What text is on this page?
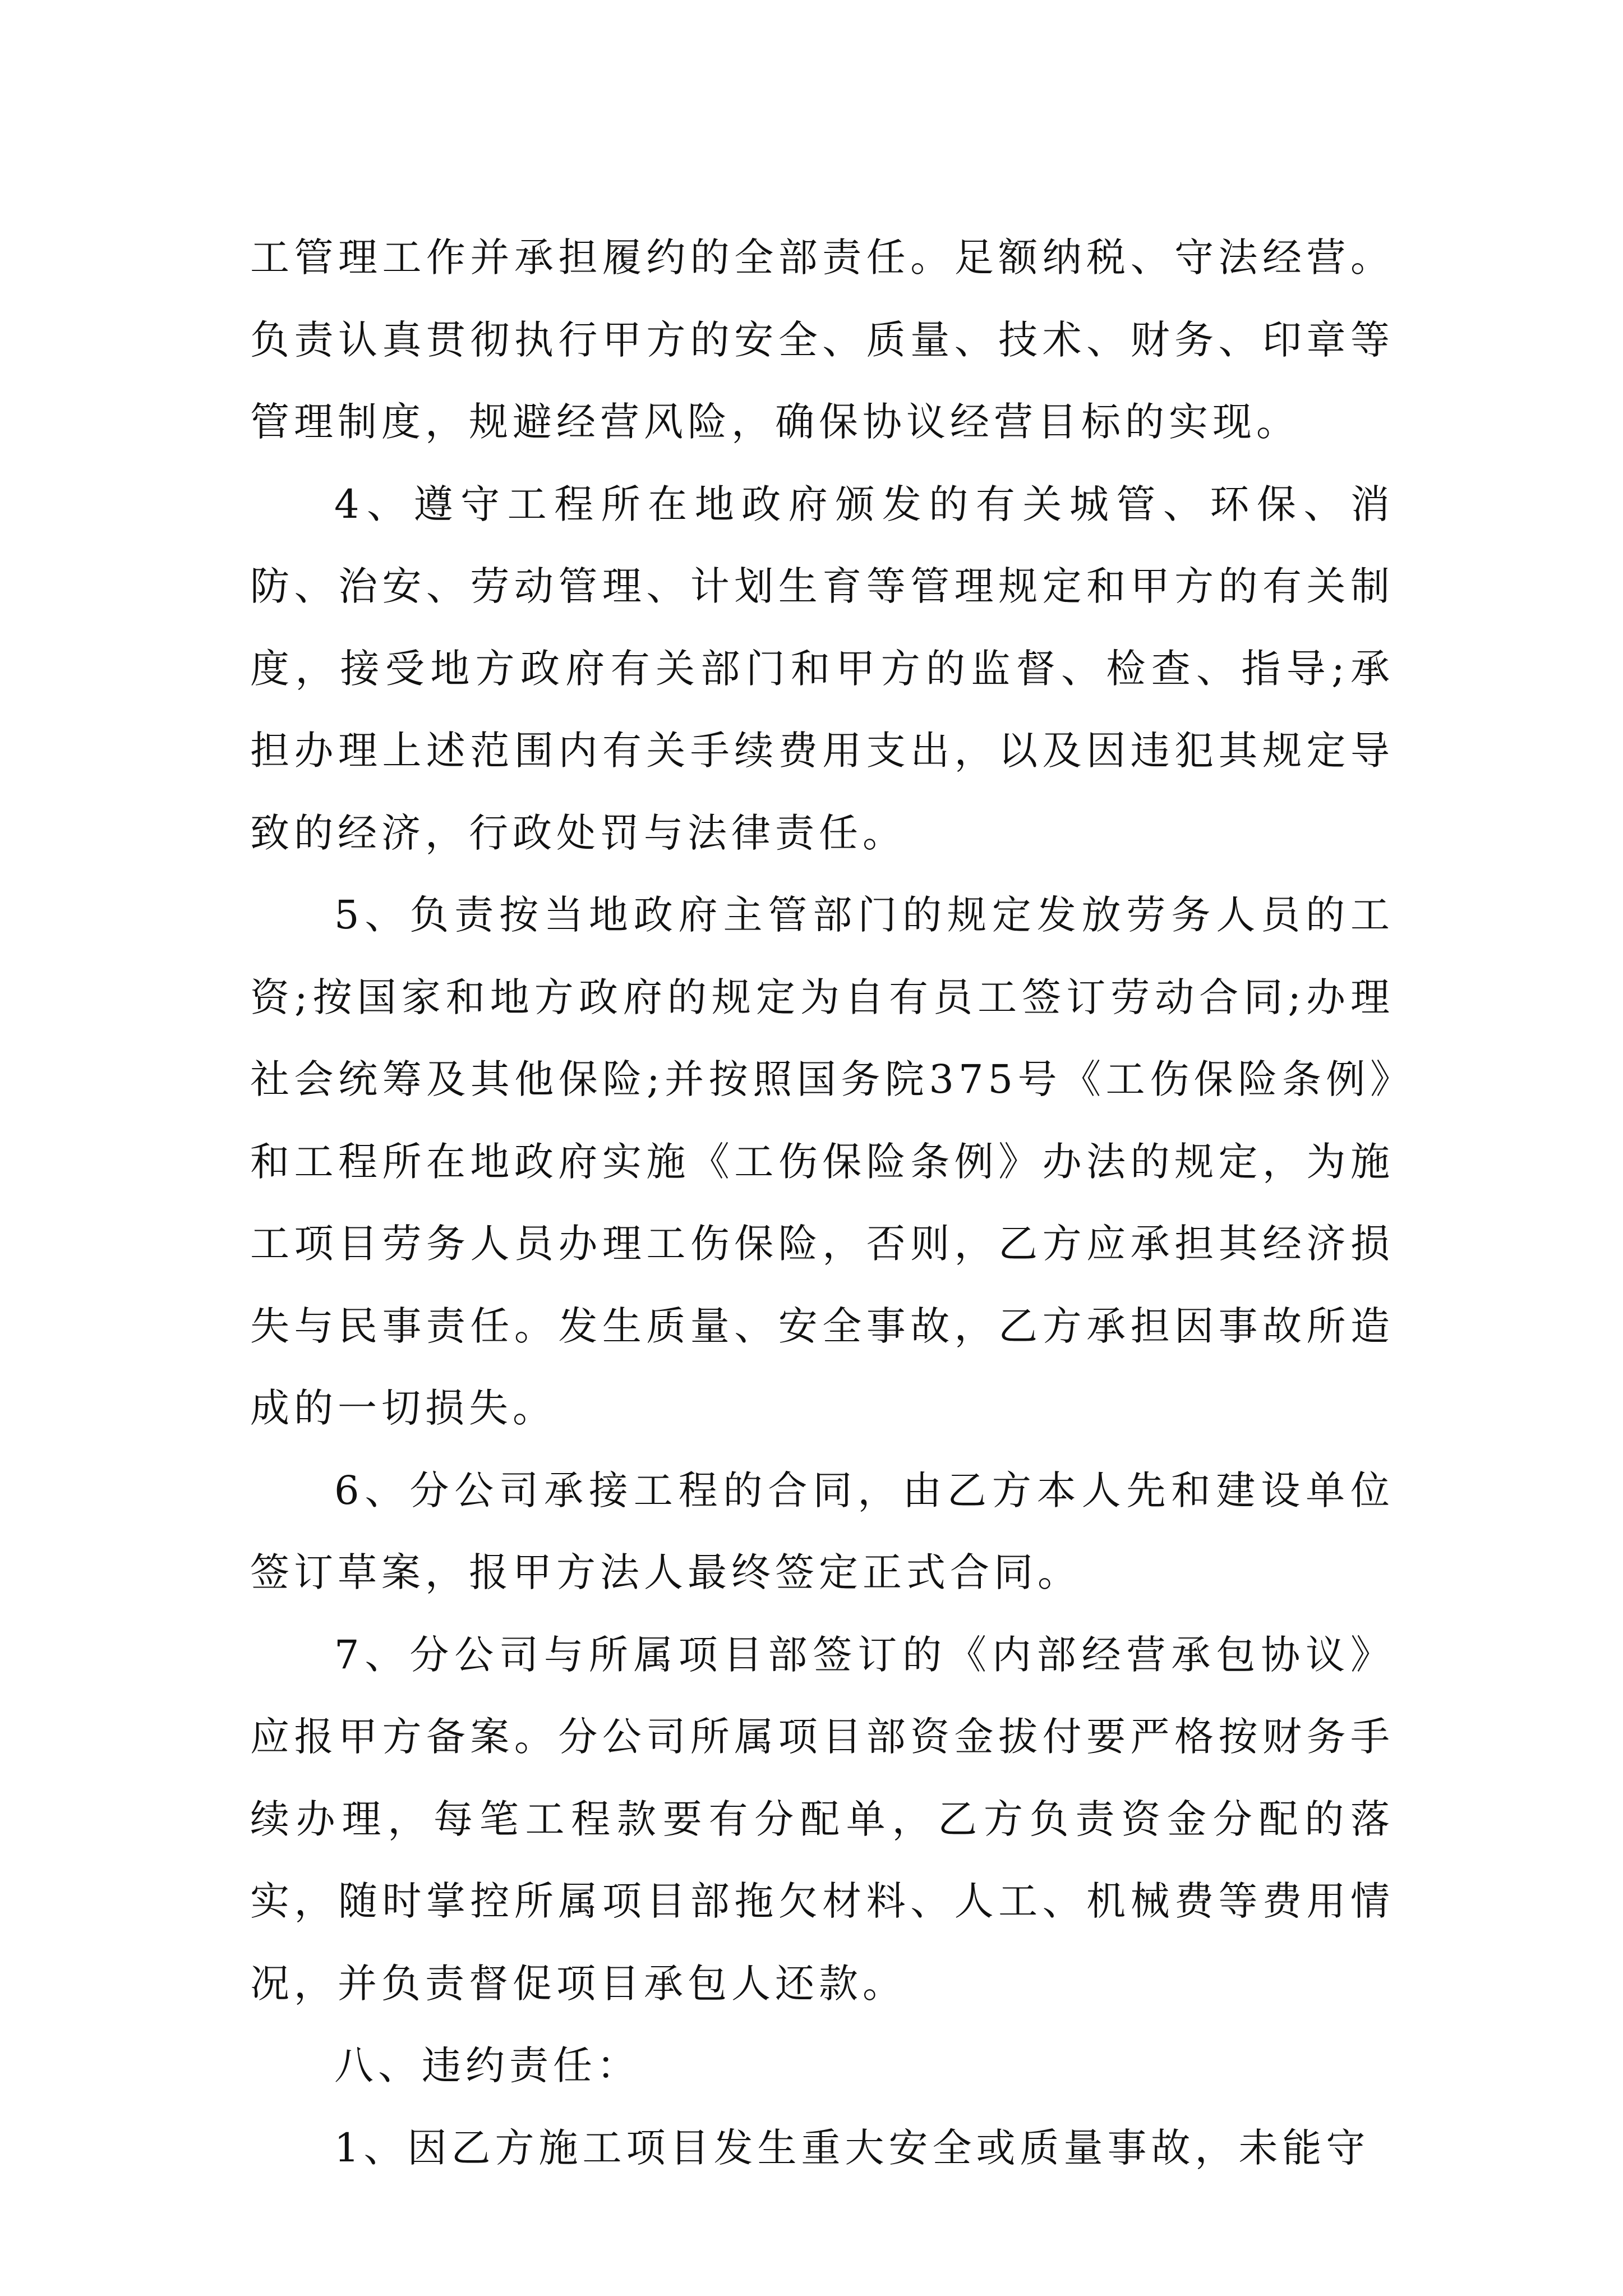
工管理工作并承担履约的全部责任。足额纳税、守法经营。负责认真贯彻执行甲方的安全、质量、技术、财务、印章等管理制度，规避经营风险，确保协议经营目标的实现。

4、遵守工程所在地政府颁发的有关城管、环保、消防、治安、劳动管理、计划生育等管理规定和甲方的有关制度，接受地方政府有关部门和甲方的监督、检查、指导;承担办理上述范围内有关手续费用支出，以及因违犯其规定导致的经济，行政处罚与法律责任。

5、负责按当地政府主管部门的规定发放劳务人员的工资;按国家和地方政府的规定为自有员工签订劳动合同;办理社会统筹及其他保险;并按照国务院375号《工伤保险条例》和工程所在地政府实施《工伤保险条例》办法的规定，为施工项目劳务人员办理工伤保险，否则，乙方应承担其经济损失与民事责任。发生质量、安全事故，乙方承担因事故所造成的一切损失。

6、分公司承接工程的合同，由乙方本人先和建设单位签订草案，报甲方法人最终签定正式合同。

7、分公司与所属项目部签订的《内部经营承包协议》应报甲方备案。分公司所属项目部资金拔付要严格按财务手续办理，每笔工程款要有分配单，乙方负责资金分配的落实，随时掌控所属项目部拖欠材料、人工、机械费等费用情况，并负责督促项目承包人还款。

八、违约责任：

1、因乙方施工项目发生重大安全或质量事故，未能守
